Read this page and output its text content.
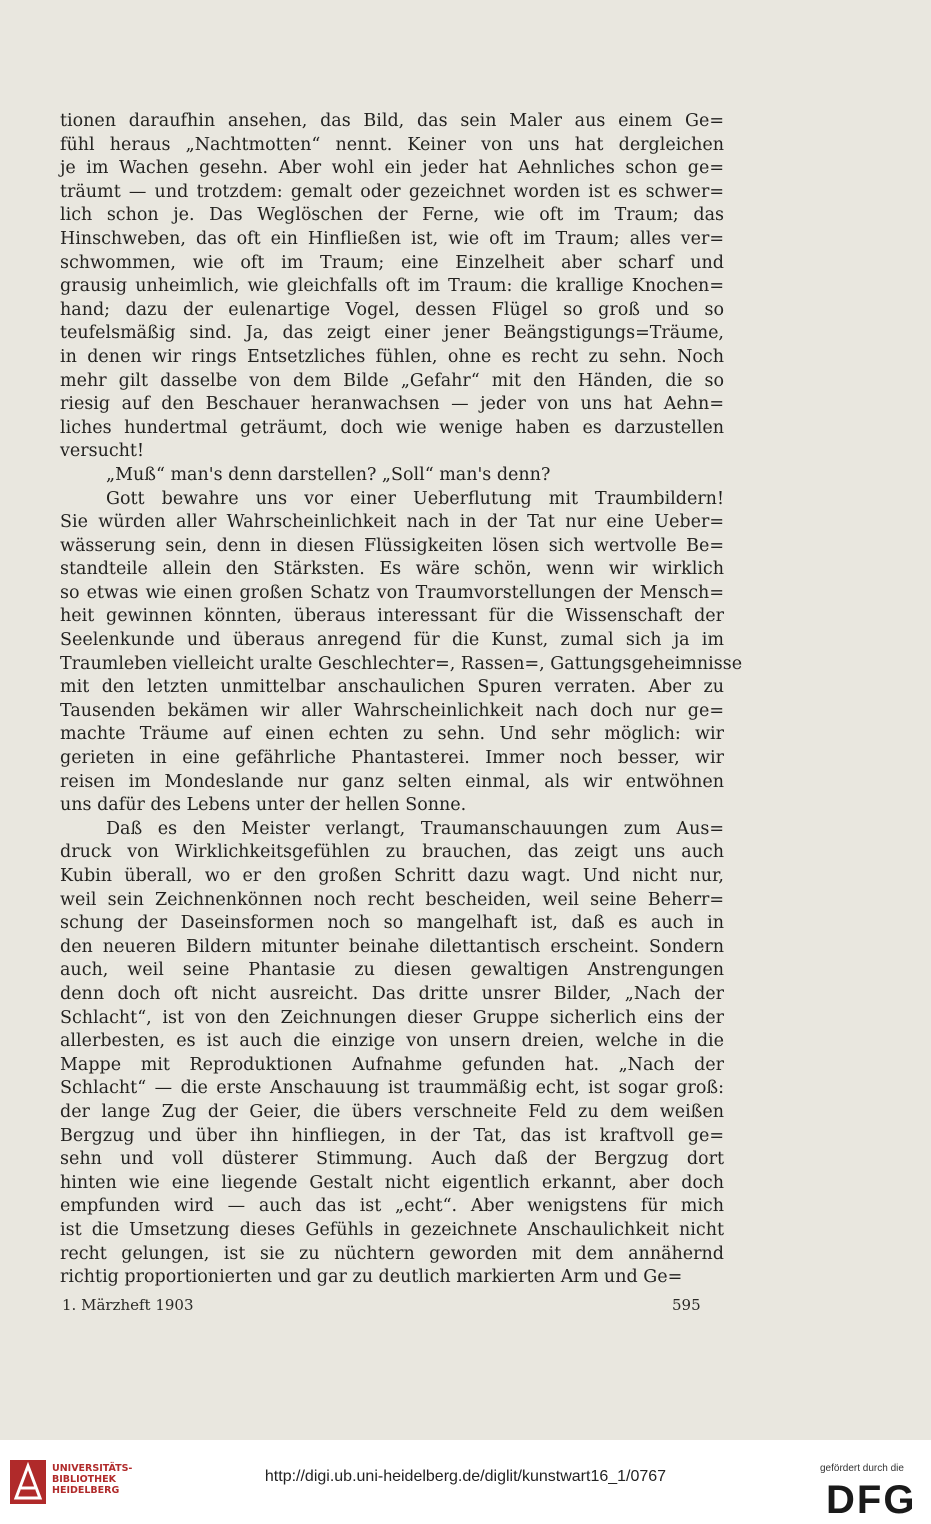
tionen daraufhin ansehen, das Bild, das sein Maler aus einem Ge=
fühl heraus „Nachtmotten“ nennt. Keiner von uns hat dergleichen
je im Wachen gesehn. Aber wohl ein jeder hat Aehnliches schon ge=
träumt — und trotzdem: gemalt oder gezeichnet worden ist es schwer=
lich schon je. Das Weglöschen der Ferne, wie oft im Traum; das
Hinschweben, das oft ein Hinfließen ist, wie oft im Traum; alles ver=
schwommen, wie oft im Traum; eine Einzelheit aber scharf und
grausig unheimlich, wie gleichfalls oft im Traum: die krallige Knochen=
hand; dazu der eulenartige Vogel, dessen Flügel so groß und so
teufelsmäßig sind. Ja, das zeigt einer jener Beängstigungs=Träume,
in denen wir rings Entsetzliches fühlen, ohne es recht zu sehn. Noch
mehr gilt dasselbe von dem Bilde „Gefahr“ mit den Händen, die so
riesig auf den Beschauer heranwachsen — jeder von uns hat Aehn=
liches hundertmal geträumt, doch wie wenige haben es darzustellen
versucht!
„Muß“ man's denn darstellen? „Soll“ man's denn?
Gott bewahre uns vor einer Ueberflutung mit Traumbildern!
Sie würden aller Wahrscheinlichkeit nach in der Tat nur eine Ueber=
wässerung sein, denn in diesen Flüssigkeiten lösen sich wertvolle Be=
standteile allein den Stärksten. Es wäre schön, wenn wir wirklich
so etwas wie einen großen Schatz von Traumvorstellungen der Mensch=
heit gewinnen könnten, überaus interessant für die Wissenschaft der
Seelenkunde und überaus anregend für die Kunst, zumal sich ja im
Traumleben vielleicht uralte Geschlechter=, Rassen=, Gattungsgeheimnisse
mit den letzten unmittelbar anschaulichen Spuren verraten. Aber zu
Tausenden bekämen wir aller Wahrscheinlichkeit nach doch nur ge=
machte Träume auf einen echten zu sehn. Und sehr möglich: wir
gerieten in eine gefährliche Phantasterei. Immer noch besser, wir
reisen im Mondeslande nur ganz selten einmal, als wir entwöhnen
uns dafür des Lebens unter der hellen Sonne.
Daß es den Meister verlangt, Traumanschauungen zum Aus=
druck von Wirklichkeitsgefühlen zu brauchen, das zeigt uns auch
Kubin überall, wo er den großen Schritt dazu wagt. Und nicht nur,
weil sein Zeichnenkönnen noch recht bescheiden, weil seine Beherr=
schung der Daseinsformen noch so mangelhaft ist, daß es auch in
den neueren Bildern mitunter beinahe dilettantisch erscheint. Sondern
auch, weil seine Phantasie zu diesen gewaltigen Anstrengungen
denn doch oft nicht ausreicht. Das dritte unsrer Bilder, „Nach der
Schlacht“, ist von den Zeichnungen dieser Gruppe sicherlich eins der
allerbesten, es ist auch die einzige von unsern dreien, welche in die
Mappe mit Reproduktionen Aufnahme gefunden hat. „Nach der
Schlacht“ — die erste Anschauung ist traummäßig echt, ist sogar groß:
der lange Zug der Geier, die übers verschneite Feld zu dem weißen
Bergzug und über ihn hinfliegen, in der Tat, das ist kraftvoll ge=
sehn und voll düsterer Stimmung. Auch daß der Bergzug dort
hinten wie eine liegende Gestalt nicht eigentlich erkannt, aber doch
empfunden wird — auch das ist „echt“. Aber wenigstens für mich
ist die Umsetzung dieses Gefühls in gezeichnete Anschaulichkeit nicht
recht gelungen, ist sie zu nüchtern geworden mit dem annähernd
richtig proportionierten und gar zu deutlich markierten Arm und Ge=
1. Märzheft 1903	595
UNIVERSITÄTS-
BIBLIOTHEK
HEIDELBERG
http://digi.ub.uni-heidelberg.de/diglit/kunstwart16_1/0767	gefördert durch die
DFG
